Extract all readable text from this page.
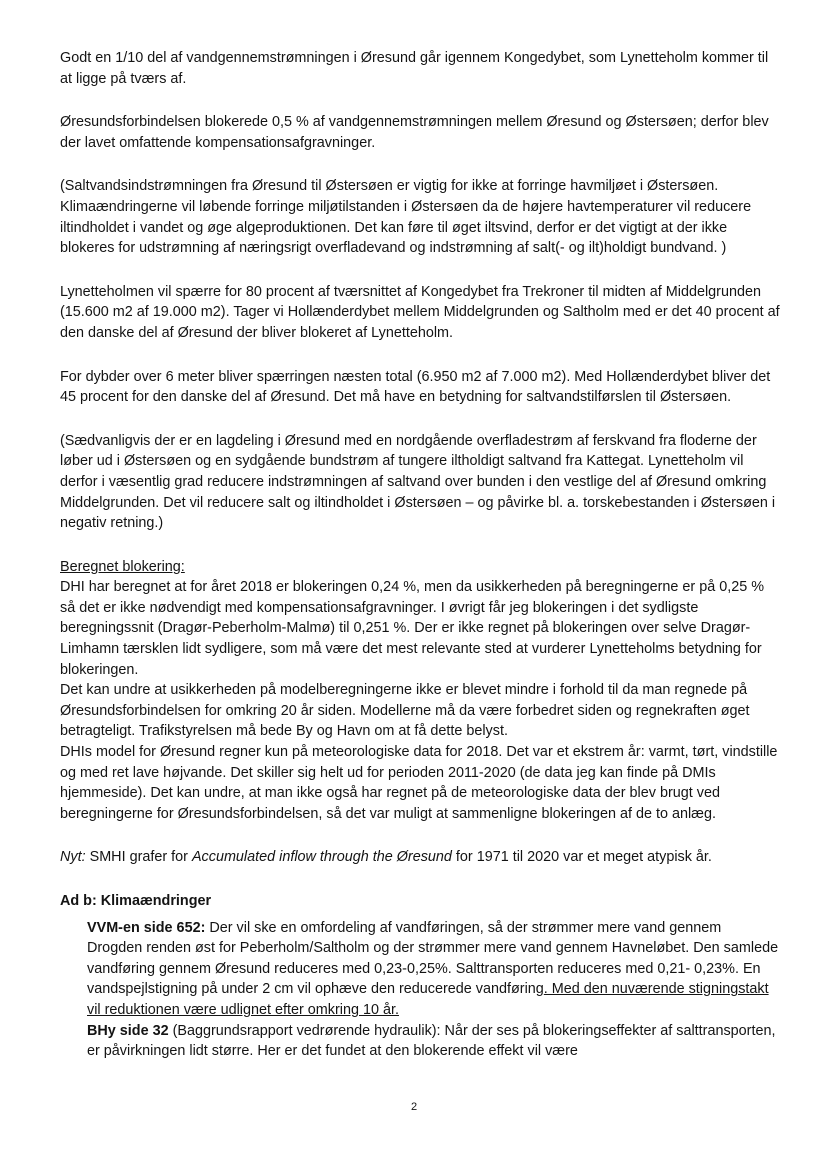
Godt en 1/10 del af vandgennemstrømningen i Øresund går igennem Kongedybet, som Lynetteholm kommer til at ligge på tværs af.

Øresundsforbindelsen blokerede 0,5 % af vandgennemstrømningen mellem Øresund og Østersøen; derfor blev der lavet omfattende kompensationsafgravninger.

(Saltvandsindstrømningen fra Øresund til Østersøen er vigtig for ikke at forringe havmiljøet i Østersøen. Klimaændringerne vil løbende forringe miljøtilstanden i Østersøen da de højere havtemperaturer vil reducere iltindholdet i vandet og øge algeproduktionen. Det kan føre til øget iltsvind, derfor er det vigtigt at der ikke blokeres for udstrømning af næringsrigt overfladevand og indstrømning af salt(- og ilt)holdigt bundvand. )

Lynetteholmen vil spærre for 80 procent af tværsnittet af Kongedybet fra Trekroner til midten af Middelgrunden (15.600 m2 af 19.000 m2). Tager vi Hollænderdybet mellem Middelgrunden og Saltholm med er det 40 procent af den danske del af Øresund der bliver blokeret af Lynetteholm.

For dybder over 6 meter bliver spærringen næsten total (6.950 m2 af 7.000 m2). Med Hollænderdybet bliver det 45 procent for den danske del af Øresund. Det må have en betydning for saltvandstilførslen til Østersøen.

(Sædvanligvis der er en lagdeling i Øresund med en nordgående overfladestrøm af ferskvand fra floderne der løber ud i Østersøen og en sydgående bundstrøm af tungere iltholdigt saltvand fra Kattegat. Lynetteholm vil derfor i væsentlig grad reducere indstrømningen af saltvand over bunden i den vestlige del af Øresund omkring Middelgrunden. Det vil reducere salt og iltindholdet i Østersøen – og påvirke bl. a. torskebestanden i Østersøen i negativ retning.)

Beregnet blokering:
DHI har beregnet at for året 2018 er blokeringen 0,24 %, men da usikkerheden på beregningerne er på 0,25 % så det er ikke nødvendigt med kompensationsafgravninger. I øvrigt får jeg blokeringen i det sydligste beregningssnit (Dragør-Peberholm-Malmø) til 0,251 %. Der er ikke regnet på blokeringen over selve Dragør-Limhamn tærsklen lidt sydligere, som må være det mest relevante sted at vurderer Lynetteholms betydning for blokeringen.
Det kan undre at usikkerheden på modelberegningerne ikke er blevet mindre i forhold til da man regnede på Øresundsforbindelsen for omkring 20 år siden. Modellerne må da være forbedret siden og regnekraften øget betragteligt. Trafikstyrelsen må bede By og Havn om at få dette belyst.

DHIs model for Øresund regner kun på meteorologiske data for 2018. Det var et ekstrem år: varmt, tørt, vindstille og med ret lave højvande. Det skiller sig helt ud for perioden 2011-2020 (de data jeg kan finde på DMIs hjemmeside). Det kan undre, at man ikke også har regnet på de meteorologiske data der blev brugt ved beregningerne for Øresundsforbindelsen, så det var muligt at sammenligne blokeringen af de to anlæg.

Nyt: SMHI grafer for Accumulated inflow through the Øresund for 1971 til 2020 var et meget atypisk år.

Ad b: Klimaændringer
VVM-en side 652: Der vil ske en omfordeling af vandføringen, så der strømmer mere vand gennem Drogden renden øst for Peberholm/Saltholm og der strømmer mere vand gennem Havneløbet. Den samlede vandføring gennem Øresund reduceres med 0,23-0,25%. Salttransporten reduceres med 0,21- 0,23%. En vandspejlstigning på under 2 cm vil ophæve den reducerede vandføring. Med den nuværende stigningstakt vil reduktionen være udlignet efter omkring 10 år.
BHy side 32 (Baggrundsrapport vedrørende hydraulik): Når der ses på blokeringseffekter af salttransporten, er påvirkningen lidt større. Her er det fundet at den blokerende effekt vil være
2
